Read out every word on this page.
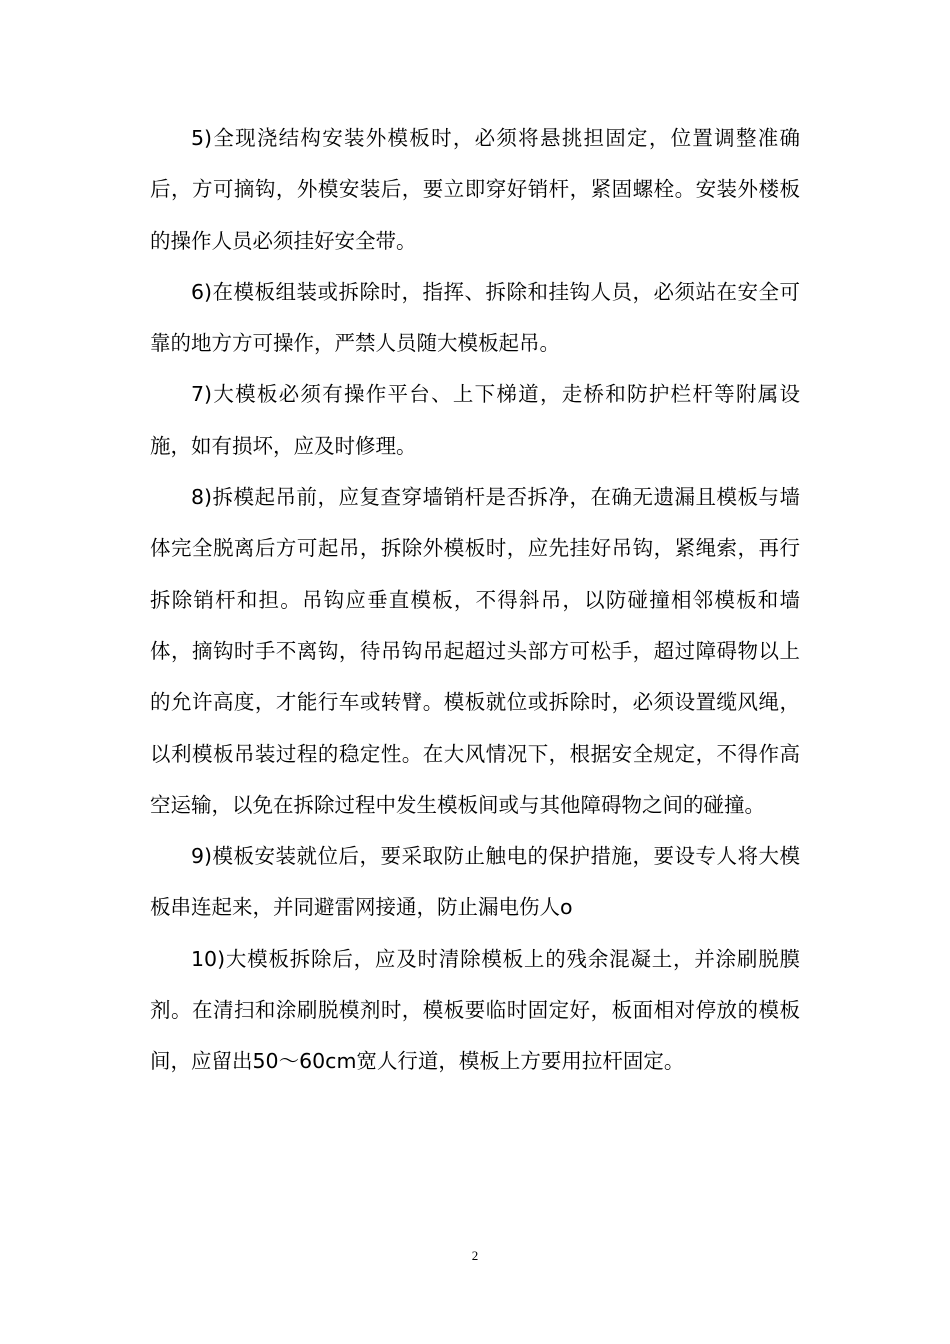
5)全现浇结构安装外模板时，必须将悬挑担固定，位置调整准确后，方可摘钩，外模安装后，要立即穿好销杆，紧固螺栓。安装外楼板的操作人员必须挂好安全带。

6)在模板组装或拆除时，指挥、拆除和挂钩人员，必须站在安全可靠的地方方可操作，严禁人员随大模板起吊。

7)大模板必须有操作平台、上下梯道，走桥和防护栏杆等附属设施，如有损坏，应及时修理。

8)拆模起吊前，应复查穿墙销杆是否拆净，在确无遗漏且模板与墙体完全脱离后方可起吊，拆除外模板时，应先挂好吊钩，紧绳索，再行拆除销杆和担。吊钩应垂直模板，不得斜吊，以防碰撞相邻模板和墙体，摘钩时手不离钩，待吊钩吊起超过头部方可松手，超过障碍物以上的允许高度，才能行车或转臂。模板就位或拆除时，必须设置缆风绳，以利模板吊装过程的稳定性。在大风情况下，根据安全规定，不得作高空运输，以免在拆除过程中发生模板间或与其他障碍物之间的碰撞。

9)模板安装就位后，要采取防止触电的保护措施，要设专人将大模板串连起来，并同避雷网接通，防止漏电伤人o

10)大模板拆除后，应及时清除模板上的残余混凝土，并涂刷脱膜剂。在清扫和涂刷脱模剂时，模板要临时固定好，板面相对停放的模板间，应留出50～60cm宽人行道，模板上方要用拉杆固定。

2
